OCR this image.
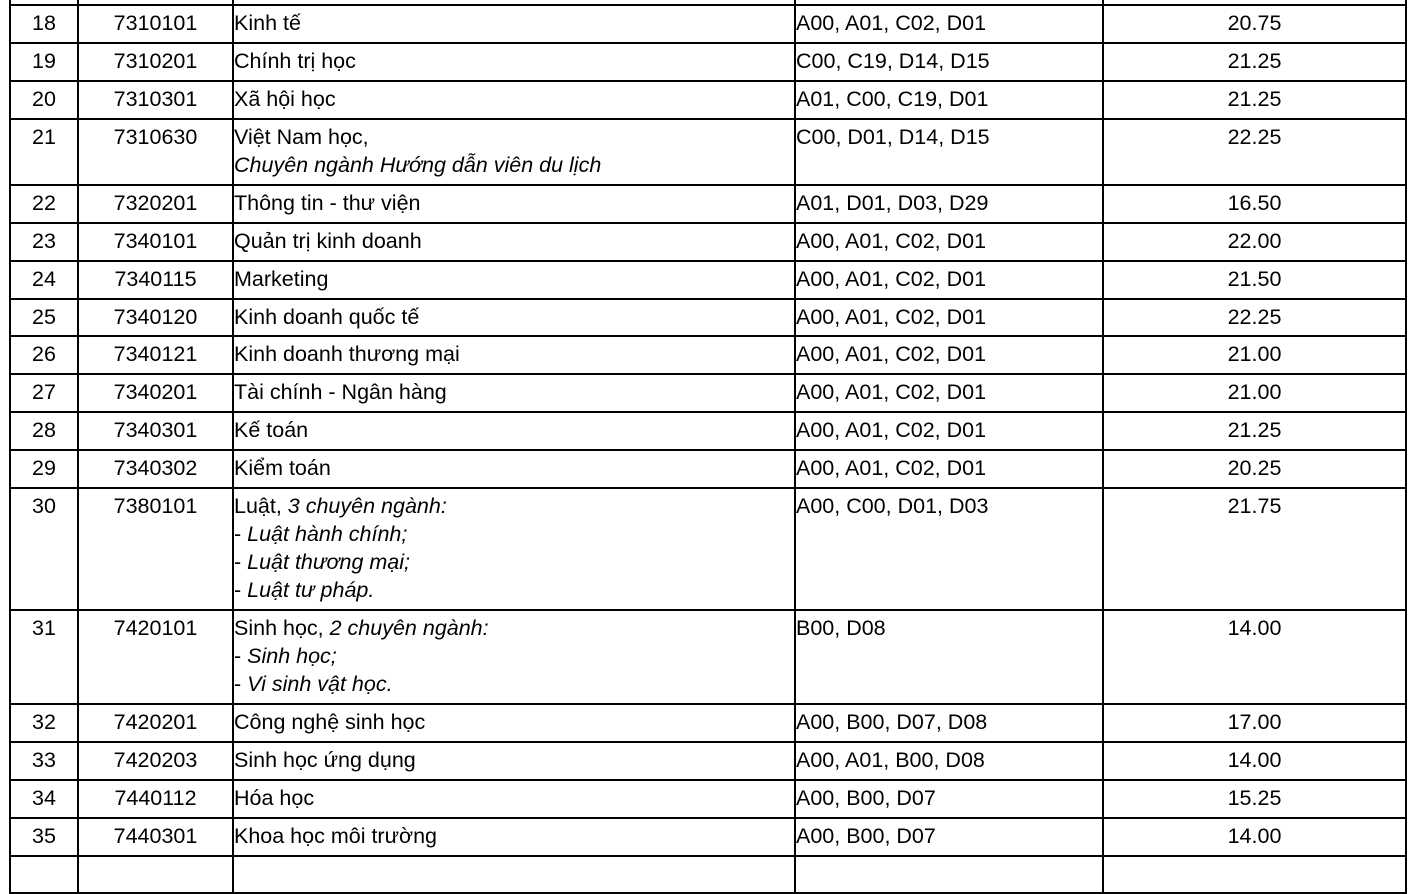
18	7310101	Kinh tế	A00, A01, C02, D01	20.75
19	7310201	Chính trị học	C00, C19, D14, D15	21.25
20	7310301	Xã hội học	A01, C00, C19, D01	21.25
21	7310630	Việt Nam học,
Chuyên ngành Hướng dẫn viên du lịch	C00, D01, D14, D15	22.25
22	7320201	Thông tin - thư viện	A01, D01, D03, D29	16.50
23	7340101	Quản trị kinh doanh	A00, A01, C02, D01	22.00
24	7340115	Marketing	A00, A01, C02, D01	21.50
25	7340120	Kinh doanh quốc tế	A00, A01, C02, D01	22.25
26	7340121	Kinh doanh thương mại	A00, A01, C02, D01	21.00
27	7340201	Tài chính - Ngân hàng	A00, A01, C02, D01	21.00
28	7340301	Kế toán	A00, A01, C02, D01	21.25
29	7340302	Kiểm toán	A00, A01, C02, D01	20.25
30	7380101	Luật, 3 chuyên ngành:
- Luật hành chính;
- Luật thương mại;
- Luật tư pháp.	A00, C00, D01, D03	21.75
31	7420101	Sinh học, 2 chuyên ngành:
- Sinh học;
- Vi sinh vật học.	B00, D08	14.00
32	7420201	Công nghệ sinh học	A00, B00, D07, D08	17.00
33	7420203	Sinh học ứng dụng	A00, A01, B00, D08	14.00
34	7440112	Hóa học	A00, B00, D07	15.25
35	7440301	Khoa học môi trường	A00, B00, D07	14.00
